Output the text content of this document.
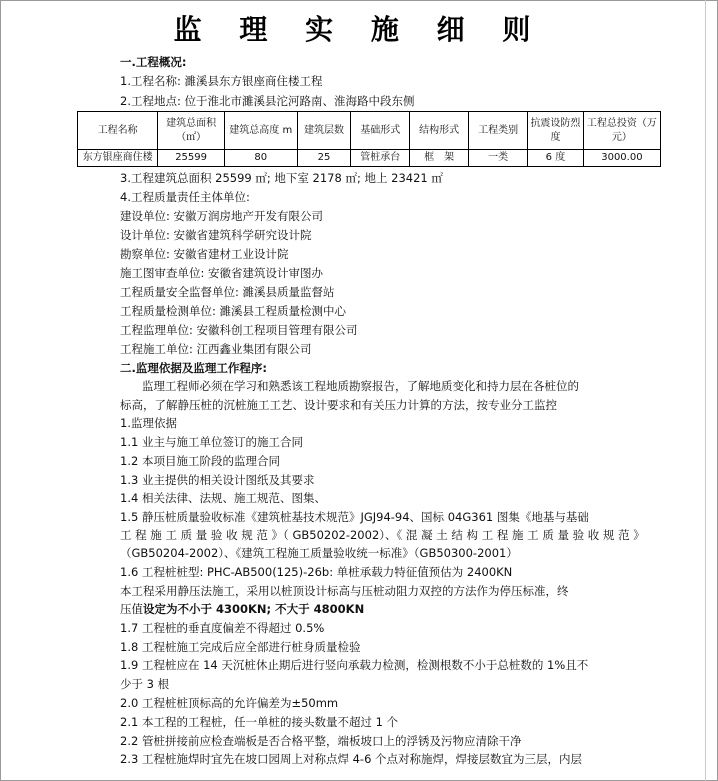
监 理 实 施 细 则
一.工程概况:
1.工程名称: 濉溪县东方银座商住楼工程
2.工程地点: 位于淮北市濉溪县沱河路南、淮海路中段东侧
工程名称	建筑总面积（㎡）	建筑总高度 m	建筑层数	基础形式	结构形式	工程类别	抗震设防烈度	工程总投资（万元）
东方银座商住楼	25599	80	25	管桩承台	框　架	一类	6 度	3000.00
3.工程建筑总面积 25599 ㎡; 地下室 2178 ㎡; 地上 23421 ㎡
4.工程质量责任主体单位:
建设单位: 安徽万润房地产开发有限公司
设计单位: 安徽省建筑科学研究设计院
勘察单位: 安徽省建材工业设计院
施工图审查单位: 安徽省建筑设计审图办
工程质量安全监督单位: 濉溪县质量监督站
工程质量检测单位: 濉溪县工程质量检测中心
工程监理单位: 安徽科创工程项目管理有限公司
工程施工单位: 江西鑫业集团有限公司
二.监理依据及监理工作程序:
监理工程师必须在学习和熟悉该工程地质勘察报告，了解地质变化和持力层在各桩位的
标高，了解静压桩的沉桩施工工艺、设计要求和有关压力计算的方法，按专业分工监控
1.监理依据
1.1 业主与施工单位签订的施工合同
1.2 本项目施工阶段的监理合同
1.3 业主提供的相关设计图纸及其要求
1.4 相关法律、法规、施工规范、图集、
1.5 静压桩质量验收标准《建筑桩基技术规范》JGJ94-94、国标 04G361 图集《地基与基础
工 程 施 工 质 量 验 收 规 范 》（ GB50202-2002）、《 混 凝 土 结 构 工 程 施 工 质 量 验 收 规 范 》
（GB50204-2002）、《建筑工程施工质量验收统一标准》（GB50300-2001）
1.6 工程桩桩型: PHC-AB500(125)-26b: 单桩承载力特征值预估为 2400KN
本工程采用静压法施工，采用以桩顶设计标高与压桩动阻力双控的方法作为停压标准，终
压值设定为不小于 4300KN; 不大于 4800KN
1.7 工程桩的垂直度偏差不得超过 0.5%
1.8 工程桩施工完成后应全部进行桩身质量检验
1.9 工程桩应在 14 天沉桩休止期后进行竖向承载力检测，检测根数不小于总桩数的 1%且不
少于 3 根
2.0 工程桩桩顶标高的允许偏差为±50mm
2.1 本工程的工程桩，任一单桩的接头数量不超过 1 个
2.2 管桩拼接前应检查端板是否合格平整，端板坡口上的浮锈及污物应清除干净
2.3 工程桩施焊时宜先在坡口园周上对称点焊 4-6 个点对称施焊，焊接层数宜为三层，内层
